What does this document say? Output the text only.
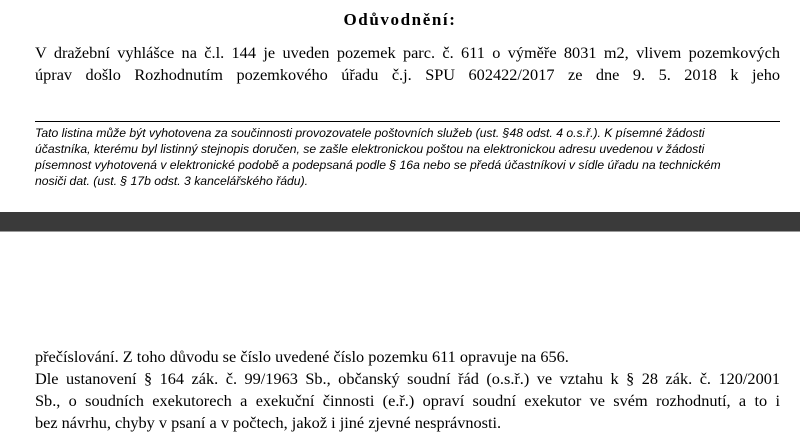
Odůvodnění:
V dražební vyhlášce na č.l. 144 je uveden pozemek parc. č. 611 o výměře 8031 m2, vlivem pozemkových
úprav došlo Rozhodnutím pozemkového úřadu č.j. SPU 602422/2017 ze dne 9. 5. 2018 k jeho
Tato listina může být vyhotovena za součinnosti provozovatele poštovních služeb (ust. §48 odst. 4 o.s.ř.). K písemné žádosti
účastníka, kterému byl listinný stejnopis doručen, se zašle elektronickou poštou na elektronickou adresu uvedenou v žádosti
písemnost vyhotovená v elektronické podobě a podepsaná podle § 16a nebo se předá účastníkovi v sídle úřadu na technickém
nosiči dat. (ust. § 17b odst. 3 kancelářského řádu).
přečíslování. Z toho důvodu se číslo uvedené číslo pozemku 611 opravuje na 656.
Dle ustanovení § 164 zák. č. 99/1963 Sb., občanský soudní řád (o.s.ř.) ve vztahu k § 28 zák. č. 120/2001
Sb., o soudních exekutorech a exekuční činnosti (e.ř.) opraví soudní exekutor ve svém rozhodnutí, a to i
bez návrhu, chyby v psaní a v počtech, jakož i jiné zjevné nesprávnosti.
